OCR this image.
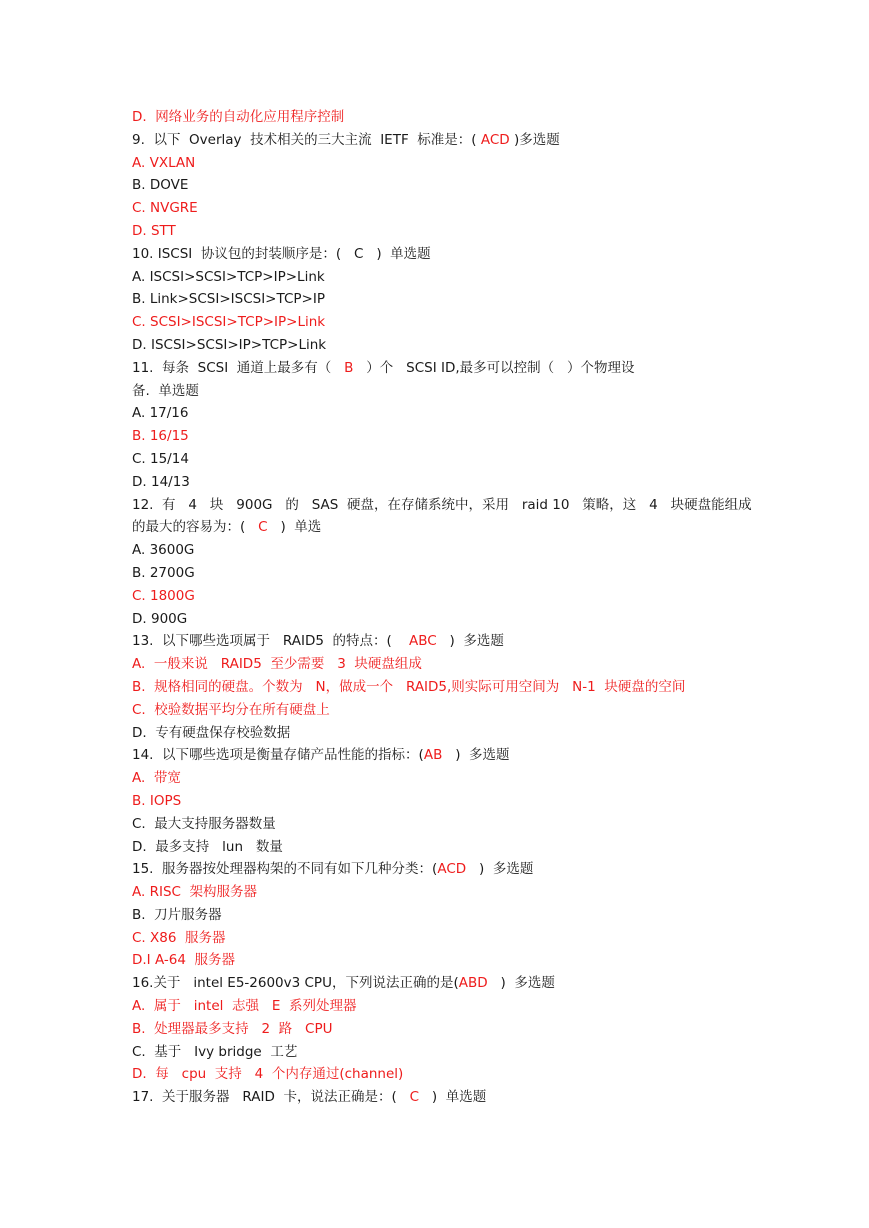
D.  网络业务的自动化应用程序控制
9.  以下  Overlay  技术相关的三大主流  IETF  标准是：( ACD )多选题
A. VXLAN
B. DOVE
C. NVGRE
D. STT
10. ISCSI  协议包的封装顺序是：(   C   )  单选题
A. ISCSI>SCSI>TCP>IP>Link
B. Link>SCSI>ISCSI>TCP>IP
C. SCSI>ISCSI>TCP>IP>Link
D. ISCSI>SCSI>IP>TCP>Link
11.  每条  SCSI  通道上最多有（   B   ）个   SCSI ID,最多可以控制（   ）个物理设
备.  单选题
A. 17/16
B. 16/15
C. 15/14
D. 14/13
12.  有   4   块   900G   的   SAS  硬盘，在存储系统中，采用   raid 10   策略，这   4   块硬盘能组成
的最大的容易为：(   C   )  单选
A. 3600G
B. 2700G
C. 1800G
D. 900G
13.  以下哪些选项属于   RAID5  的特点：(    ABC   )  多选题
A.  一般来说   RAID5  至少需要   3  块硬盘组成
B.  规格相同的硬盘。个数为   N，做成一个   RAID5,则实际可用空间为   N-1  块硬盘的空间
C.  校验数据平均分在所有硬盘上
D.  专有硬盘保存校验数据
14.  以下哪些选项是衡量存储产品性能的指标：(AB   )  多选题
A.  带宽
B. IOPS
C.  最大支持服务器数量
D.  最多支持   lun   数量
15.  服务器按处理器构架的不同有如下几种分类：(ACD   )  多选题
A. RISC  架构服务器
B.  刀片服务器
C. X86  服务器
D.I A-64  服务器
16.关于   intel E5-2600v3 CPU，下列说法正确的是(ABD   )  多选题
A.  属于   intel  志强   E  系列处理器
B.  处理器最多支持   2  路   CPU
C.  基于   Ivy bridge  工艺
D.  每   cpu  支持   4  个内存通过(channel)
17.  关于服务器   RAID  卡，说法正确是：(   C   )  单选题
